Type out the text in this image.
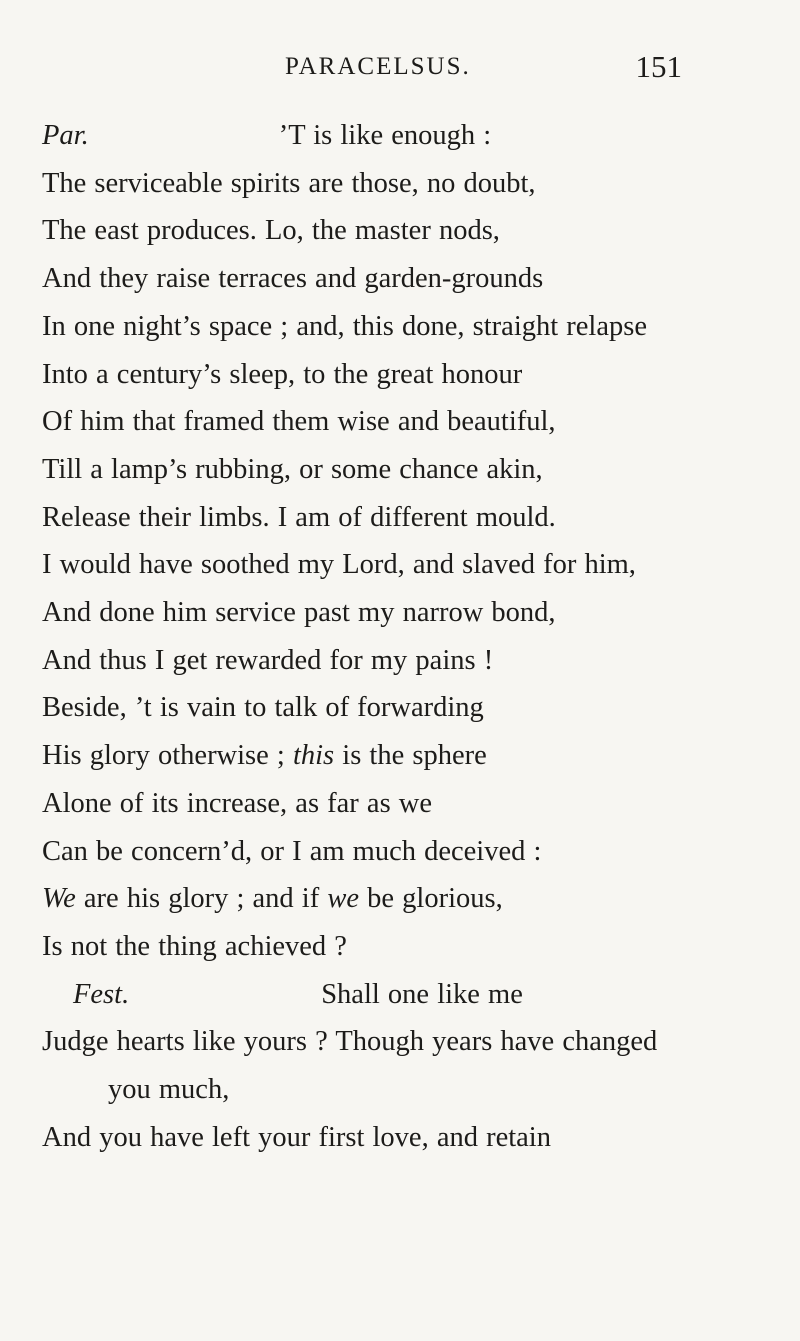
PARACELSUS.	151
Par.	’T is like enough :
The serviceable spirits are those, no doubt,
The east produces. Lo, the master nods,
And they raise terraces and garden-grounds
In one night’s space ; and, this done, straight relapse
Into a century’s sleep, to the great honour
Of him that framed them wise and beautiful,
Till a lamp’s rubbing, or some chance akin,
Release their limbs. I am of different mould.
I would have soothed my Lord, and slaved for him,
And done him service past my narrow bond,
And thus I get rewarded for my pains !
Beside, ’t is vain to talk of forwarding
His glory otherwise ; this is the sphere
Alone of its increase, as far as we
Can be concern’d, or I am much deceived :
We are his glory ; and if we be glorious,
Is not the thing achieved ?
Fest.	Shall one like me
Judge hearts like yours ? Though years have changed
you much,
And you have left your first love, and retain
